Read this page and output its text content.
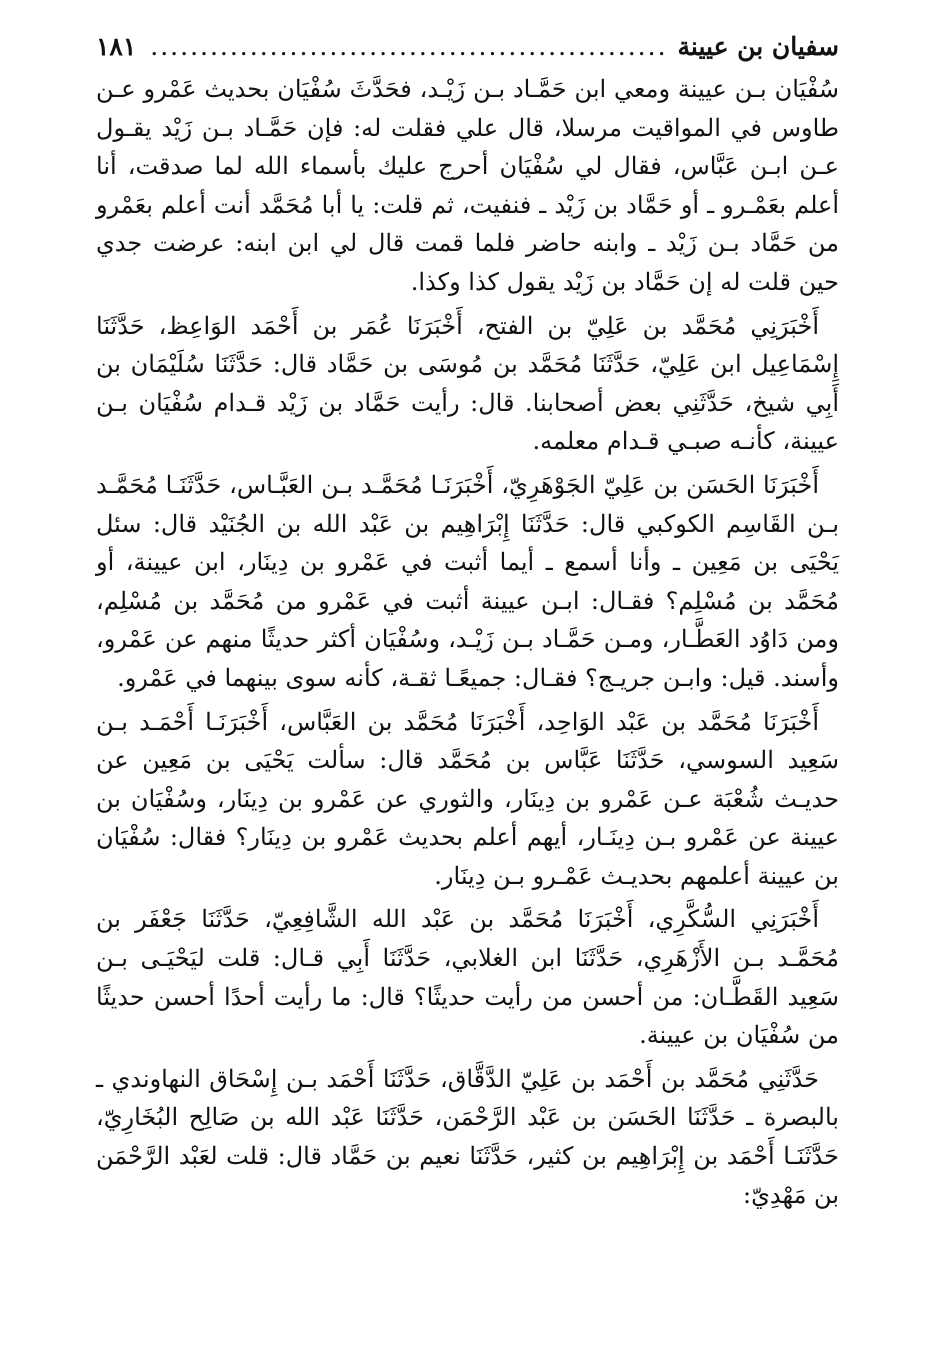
سفيان بن عيينة
.....
١٨١

سُفْيَان بـن عيينة ومعي ابن حَمَّـاد بـن زَيْـد، فحَدَّثَ سُفْيَان بحديث عَمْرو عـن طاوس في المواقيت مرسلا، قال علي فقلت له: فإن حَمَّـاد بـن زَيْد يقـول عـن ابـن عَبَّاس، فقال لي سُفْيَان أحرج عليك بأسماء الله لما صدقت، أنا أعلم بعَمْـرو ـ أو حَمَّاد بن زَيْد ـ فنفيت، ثم قلت: يا أبا مُحَمَّد أنت أعلم بعَمْرو من حَمَّاد بـن زَيْد ـ وابنه حاضر فلما قمت قال لي ابن ابنه: عرضت جدي حين قلت له إن حَمَّاد بن زَيْد يقول كذا وكذا.

أَخْبَرَنِي مُحَمَّد بن عَلِيّ بن الفتح، أَخْبَرَنَا عُمَر بن أَحْمَد الوَاعِظ، حَدَّثَنَا إِسْمَاعِيل ابن عَلِيّ، حَدَّثَنَا مُحَمَّد بن مُوسَى بن حَمَّاد قال: حَدَّثَنَا سُلَيْمَان بن أَبِي شيخ، حَدَّثَنِي بعض أصحابنا. قال: رأيت حَمَّاد بن زَيْد قـدام سُفْيَان بـن عيينة، كأنـه صبـي قـدام معلمه.

أَخْبَرَنَا الحَسَن بن عَلِيّ الجَوْهَرِيّ، أَخْبَرَنَـا مُحَمَّـد بـن العَبَّـاس، حَدَّثَنَـا مُحَمَّـد بـن القَاسِم الكوكبي قال: حَدَّثَنَا إِبْرَاهِيم بن عَبْد الله بن الجُنَيْد قال: سئل يَحْيَى بن مَعِين ـ وأنا أسمع ـ أيما أثبت في عَمْرو بن دِينَار، ابن عيينة، أو مُحَمَّد بن مُسْلِم؟ فقـال: ابـن عيينة أثبت في عَمْرو من مُحَمَّد بن مُسْلِم، ومن دَاوُد العَطَّـار، ومـن حَمَّـاد بـن زَيْـد، وسُفْيَان أكثر حديثًا منهم عن عَمْرو، وأسند. قيل: وابـن جريـج؟ فقـال: جميعًـا ثقـة، كأنه سوى بينهما في عَمْرو.

أَخْبَرَنَا مُحَمَّد بن عَبْد الوَاحِد، أَخْبَرَنَا مُحَمَّد بن العَبَّاس، أَخْبَرَنَـا أَحْمَـد بـن سَعِيد السوسي، حَدَّثَنَا عَبَّاس بن مُحَمَّد قال: سألت يَحْيَى بن مَعِين عن حديـث شُعْبَة عـن عَمْرو بن دِينَار، والثوري عن عَمْرو بن دِينَار، وسُفْيَان بن عيينة عن عَمْرو بـن دِينَـار، أيهم أعلم بحديث عَمْرو بن دِينَار؟ فقال: سُفْيَان بن عيينة أعلمهم بحديـث عَمْـرو بـن دِينَار.

أَخْبَرَنِي السُّكَّرِي، أَخْبَرَنَا مُحَمَّد بن عَبْد الله الشَّافِعِيّ، حَدَّثَنَا جَعْفَر بن مُحَمَّـد بـن الأَزْهَرِي، حَدَّثَنَا ابن الغلابي، حَدَّثَنَا أَبِي قـال: قلت ليَحْيَـى بـن سَعِيد القَطَّـان: من أحسن من رأيت حديثًا؟ قال: ما رأيت أحدًا أحسن حديثًا من سُفْيَان بن عيينة.

حَدَّثَنِي مُحَمَّد بن أَحْمَد بن عَلِيّ الدَّقَّاق، حَدَّثَنَا أَحْمَد بـن إِسْحَاق النهاوندي ـ بالبصرة ـ حَدَّثَنَا الحَسَن بن عَبْد الرَّحْمَن، حَدَّثَنَا عَبْد الله بن صَالِح البُخَارِيّ، حَدَّثَنَـا أَحْمَد بن إِبْرَاهِيم بن كثير، حَدَّثَنَا نعيم بن حَمَّاد قال: قلت لعَبْد الرَّحْمَن بن مَهْدِيّ:
